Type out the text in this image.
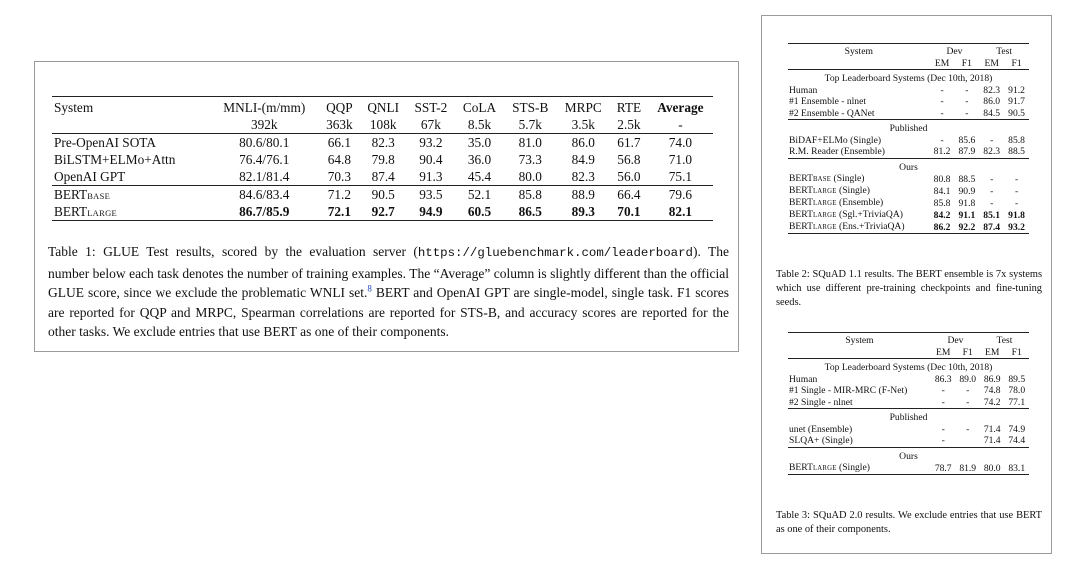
System	MNLI-(m/mm)	QQP	QNLI	SST-2	CoLA	STS-B	MRPC	RTE	Average
	392k	363k	108k	67k	8.5k	5.7k	3.5k	2.5k	-
Pre-OpenAI SOTA	80.6/80.1	66.1	82.3	93.2	35.0	81.0	86.0	61.7	74.0
BiLSTM+ELMo+Attn	76.4/76.1	64.8	79.8	90.4	36.0	73.3	84.9	56.8	71.0
OpenAI GPT	82.1/81.4	70.3	87.4	91.3	45.4	80.0	82.3	56.0	75.1
BERTBASE	84.6/83.4	71.2	90.5	93.5	52.1	85.8	88.9	66.4	79.6
BERTLARGE	86.7/85.9	72.1	92.7	94.9	60.5	86.5	89.3	70.1	82.1
Table 1: GLUE Test results, scored by the evaluation server (https://gluebenchmark.com/leaderboard). The number below each task denotes the number of training examples. The “Average” column is slightly different than the official GLUE score, since we exclude the problematic WNLI set.$^8$ BERT and OpenAI GPT are single-model, single task. F1 scores are reported for QQP and MRPC, Spearman correlations are reported for STS-B, and accuracy scores are reported for the other tasks. We exclude entries that use BERT as one of their components.
System	Dev		Test	
	EM	F1	EM	F1
Top Leaderboard Systems (Dec 10th, 2018)				
Human	-	-	82.3	91.2
#1 Ensemble - nlnet	-	-	86.0	91.7
#2 Ensemble - QANet	-	-	84.5	90.5
Published				
BiDAF+ELMo (Single)	-	85.6	-	85.8
R.M. Reader (Ensemble)	81.2	87.9	82.3	88.5
Ours				
BERTBASE (Single)	80.8	88.5	-	-
BERTLARGE (Single)	84.1	90.9	-	-
BERTLARGE (Ensemble)	85.8	91.8	-	-
BERTLARGE (Sgl.+TriviaQA)	84.2	91.1	85.1	91.8
BERTLARGE (Ens.+TriviaQA)	86.2	92.2	87.4	93.2
Table 2: SQuAD 1.1 results. The BERT ensemble is 7x systems which use different pre-training checkpoints and fine-tuning seeds.
System	Dev		Test	
	EM	F1	EM	F1
Top Leaderboard Systems (Dec 10th, 2018)				
Human	86.3	89.0	86.9	89.5
#1 Single - MIR-MRC (F-Net)	-	-	74.8	78.0
#2 Single - nlnet	-	-	74.2	77.1
Published				
unet (Ensemble)	-	-	71.4	74.9
SLQA+ (Single)	-		71.4	74.4
Ours				
BERTLARGE (Single)	78.7	81.9	80.0	83.1
Table 3: SQuAD 2.0 results. We exclude entries that use BERT as one of their components.
